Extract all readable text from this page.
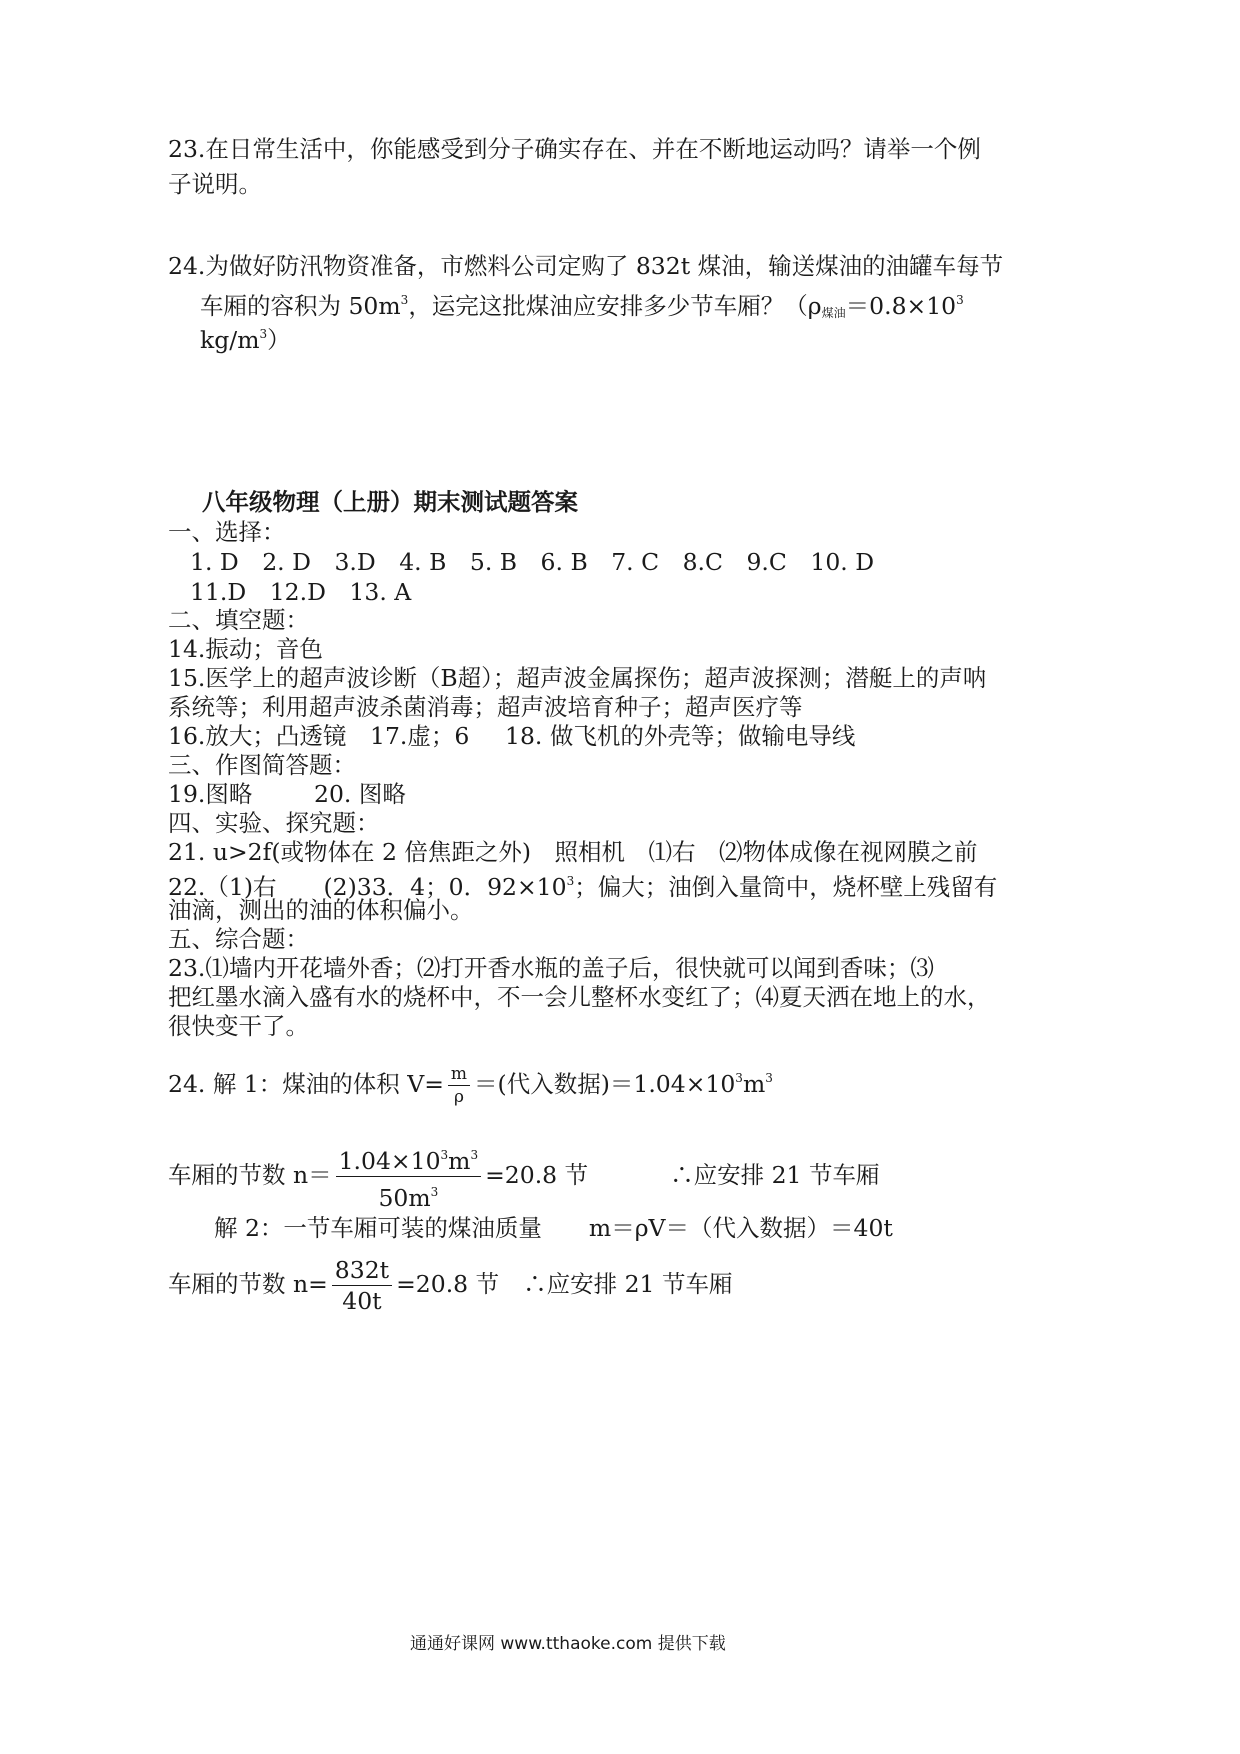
23.在日常生活中，你能感受到分子确实存在、并在不断地运动吗？请举一个例
子说明。
24.为做好防汛物资准备，市燃料公司定购了 832t 煤油，输送煤油的油罐车每节
车厢的容积为 $50m^3$，运完这批煤油应安排多少节车厢？（$\rho_{煤油}=0.8\times 10^3$
$kg/m^3$）
八年级物理（上册）期末测试题答案
一、选择：
1. D　2. D　3.D　4. B　5. B　6. B　7. C　8.C　9.C　10. D
11.D　12.D　13. A
二、填空题：
14.振动；音色
15.医学上的超声波诊断（B超）；超声波金属探伤；超声波探测；潜艇上的声呐
系统等；利用超声波杀菌消毒；超声波培育种子；超声医疗等
16.放大；凸透镜 17.虚；6 18. 做飞机的外壳等；做输电导线
三、作图简答题：
19.图略	20. 图略
四、实验、探究题：
21. u>2f(或物体在 2 倍焦距之外)　照相机　⑴右　⑵物体成像在视网膜之前
22.（1)右　　(2)33．4；0．$92\times 10^3$；偏大；油倒入量筒中，烧杯壁上残留有
油滴，测出的油的体积偏小。
五、综合题：
23.⑴墙内开花墙外香；⑵打开香水瓶的盖子后，很快就可以闻到香味；⑶
把红墨水滴入盛有水的烧杯中，不一会儿整杯水变红了；⑷夏天洒在地上的水，
很快变干了。
24. 解 1：煤油的体积 $V= \frac{m}{\rho}$ ＝(代入数据)$=1.04\times 10^3m^3$
车厢的节数 $n= \frac{1.04\times 10^3m^3}{50m^3} =20.8$ 节	∴应安排 21 节车厢
解 2：一节车厢可装的煤油质量　　m＝ρV＝（代入数据）＝40t
车厢的节数 $n= \frac{832t}{40t} =20.8$ 节 ∴应安排 21 节车厢
通通好课网 www.tthaoke.com 提供下载
